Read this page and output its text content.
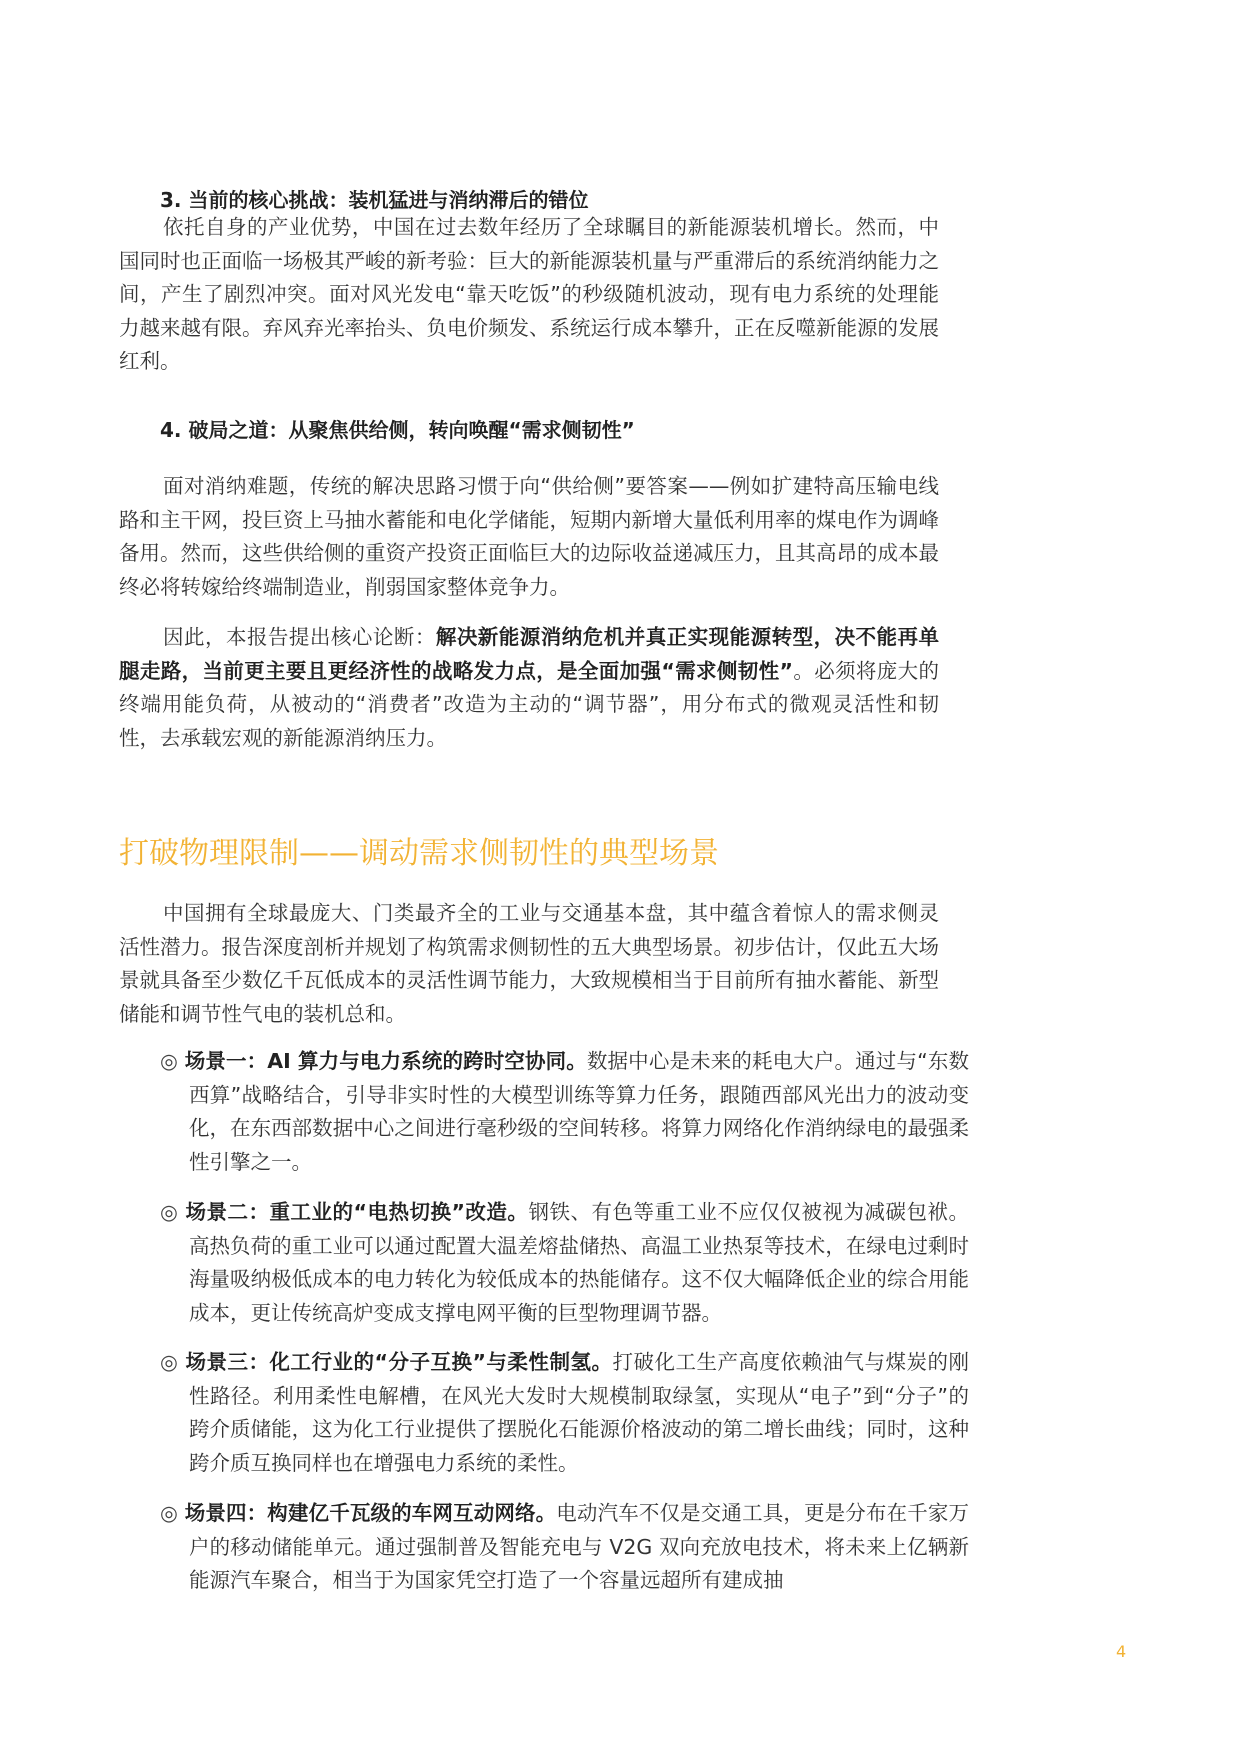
3. 当前的核心挑战：装机猛进与消纳滞后的错位

依托自身的产业优势，中国在过去数年经历了全球瞩目的新能源装机增长。然而，中国同时也正面临一场极其严峻的新考验：巨大的新能源装机量与严重滞后的系统消纳能力之间，产生了剧烈冲突。面对风光发电“靠天吃饭”的秒级随机波动，现有电力系统的处理能力越来越有限。弃风弃光率抬头、负电价频发、系统运行成本攀升，正在反噬新能源的发展红利。

4. 破局之道：从聚焦供给侧，转向唤醒“需求侧韧性”

面对消纳难题，传统的解决思路习惯于向“供给侧”要答案——例如扩建特高压输电线路和主干网，投巨资上马抽水蓄能和电化学储能，短期内新增大量低利用率的煤电作为调峰备用。然而，这些供给侧的重资产投资正面临巨大的边际收益递减压力，且其高昂的成本最终必将转嫁给终端制造业，削弱国家整体竞争力。

因此，本报告提出核心论断：解决新能源消纳危机并真正实现能源转型，决不能再单腿走路，当前更主要且更经济性的战略发力点，是全面加强“需求侧韧性”。必须将庞大的终端用能负荷，从被动的“消费者”改造为主动的“调节器”，用分布式的微观灵活性和韧性，去承载宏观的新能源消纳压力。

打破物理限制——调动需求侧韧性的典型场景

中国拥有全球最庞大、门类最齐全的工业与交通基本盘，其中蕴含着惊人的需求侧灵活性潜力。报告深度剖析并规划了构筑需求侧韧性的五大典型场景。初步估计，仅此五大场景就具备至少数亿千瓦低成本的灵活性调节能力，大致规模相当于目前所有抽水蓄能、新型储能和调节性气电的装机总和。

◎ 场景一：AI 算力与电力系统的跨时空协同。数据中心是未来的耗电大户。通过与“东数西算”战略结合，引导非实时性的大模型训练等算力任务，跟随西部风光出力的波动变化，在东西部数据中心之间进行毫秒级的空间转移。将算力网络化作消纳绿电的最强柔性引擎之一。

◎ 场景二：重工业的“电热切换”改造。钢铁、有色等重工业不应仅仅被视为减碳包袱。高热负荷的重工业可以通过配置大温差熔盐储热、高温工业热泵等技术，在绿电过剩时海量吸纳极低成本的电力转化为较低成本的热能储存。这不仅大幅降低企业的综合用能成本，更让传统高炉变成支撑电网平衡的巨型物理调节器。

◎ 场景三：化工行业的“分子互换”与柔性制氢。打破化工生产高度依赖油气与煤炭的刚性路径。利用柔性电解槽，在风光大发时大规模制取绿氢，实现从“电子”到“分子”的跨介质储能，这为化工行业提供了摆脱化石能源价格波动的第二增长曲线；同时，这种跨介质互换同样也在增强电力系统的柔性。

◎ 场景四：构建亿千瓦级的车网互动网络。电动汽车不仅是交通工具，更是分布在千家万户的移动储能单元。通过强制普及智能充电与 V2G 双向充放电技术，将未来上亿辆新能源汽车聚合，相当于为国家凭空打造了一个容量远超所有建成抽

4
